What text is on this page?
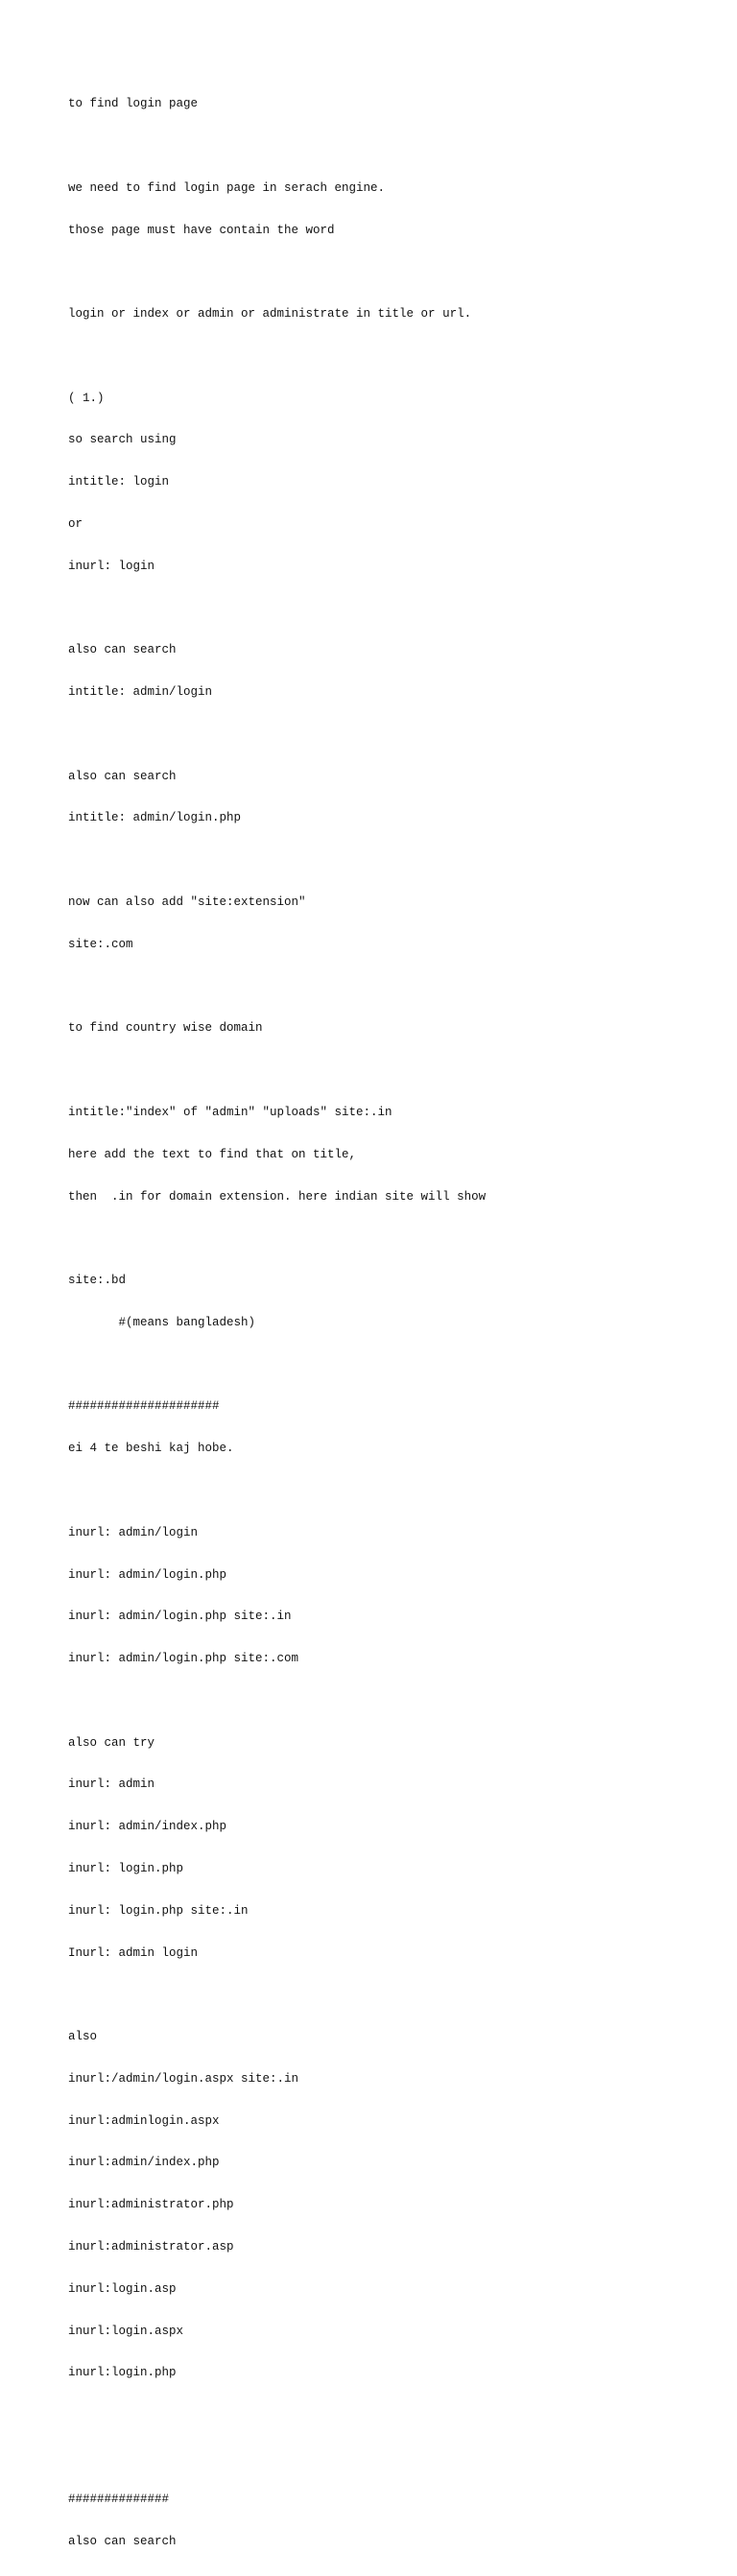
to find login page

we need to find login page in serach engine.

those page must have contain the word

login or index or admin or administrate in title or url.

( 1.)

so search using

intitle: login

or

inurl: login

also can search

intitle: admin/login

also can search

intitle: admin/login.php

now can also add "site:extension"

site:.com

to find country wise domain

intitle:"index" of "admin" "uploads" site:.in

here add the text to find that on title,

then  .in for domain extension. here indian site will show

site:.bd

#(means bangladesh)

#####################

ei 4 te beshi kaj hobe.

inurl: admin/login

inurl: admin/login.php

inurl: admin/login.php site:.in

inurl: admin/login.php site:.com

also can try

inurl: admin

inurl: admin/index.php

inurl: login.php

inurl: login.php site:.in

Inurl: admin login

also

inurl:/admin/login.aspx site:.in

inurl:adminlogin.aspx

inurl:admin/index.php

inurl:administrator.php

inurl:administrator.asp

inurl:login.asp

inurl:login.aspx

inurl:login.php

##############

also can search
